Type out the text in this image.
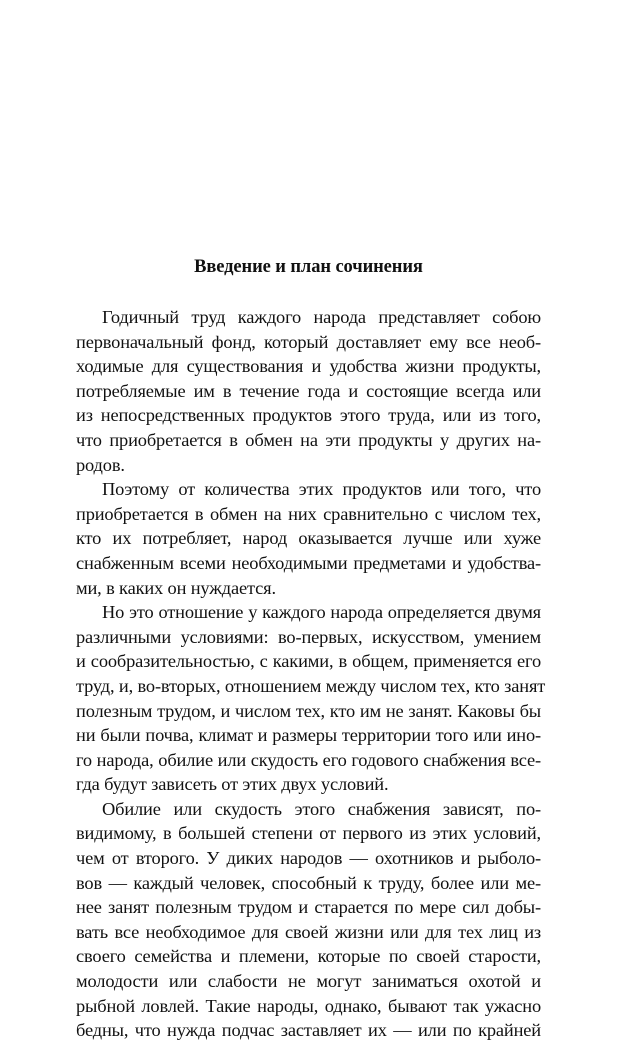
Введение и план сочинения
Годичный труд каждого народа представляет собою
первоначальный фонд, который доставляет ему все необ-
ходимые для существования и удобства жизни продукты,
потребляемые им в течение года и состоящие всегда или
из непосредственных продуктов этого труда, или из того,
что приобретается в обмен на эти продукты у других на-
родов.
Поэтому от количества этих продуктов или того, что
приобретается в обмен на них сравнительно с числом тех,
кто их потребляет, народ оказывается лучше или хуже
снабженным всеми необходимыми предметами и удобства-
ми, в каких он нуждается.
Но это отношение у каждого народа определяется двумя
различными условиями: во-первых, искусством, умением
и сообразительностью, с какими, в общем, применяется его
труд, и, во-вторых, отношением между числом тех, кто занят
полезным трудом, и числом тех, кто им не занят. Каковы бы
ни были почва, климат и размеры территории того или ино-
го народа, обилие или скудость его годового снабжения все-
гда будут зависеть от этих двух условий.
Обилие или скудость этого снабжения зависят, по-
видимому, в большей степени от первого из этих условий,
чем от второго. У диких народов — охотников и рыболо-
вов — каждый человек, способный к труду, более или ме-
нее занят полезным трудом и старается по мере сил добы-
вать все необходимое для своей жизни или для тех лиц из
своего семейства и племени, которые по своей старости,
молодости или слабости не могут заниматься охотой и
рыбной ловлей. Такие народы, однако, бывают так ужасно
бедны, что нужда подчас заставляет их — или по крайней
